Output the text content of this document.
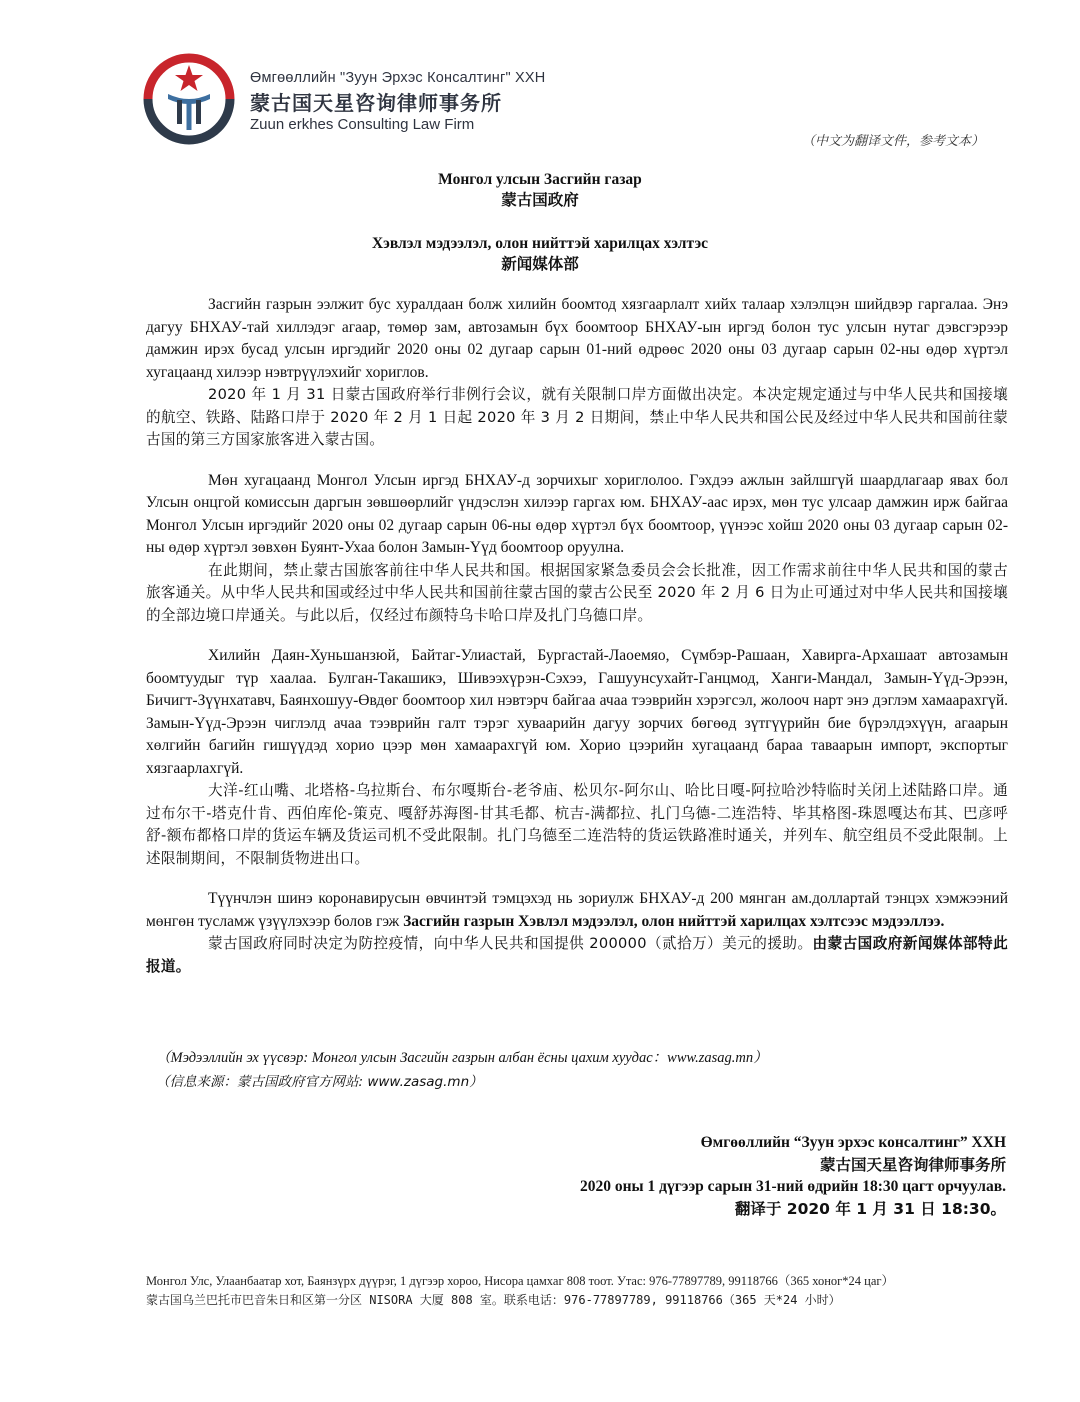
Өмгөөллийн "Зуун Эрхэс Консалтинг" ХХН
蒙古国天星咨询律师事务所
Zuun erkhes Consulting Law Firm
（中文为翻译文件，参考文本）
Монгол улсын Засгийн газар
蒙古国政府
Хэвлэл мэдээлэл, олон нийттэй харилцах хэлтэс
新闻媒体部

Засгийн газрын ээлжит бус хуралдаан болж хилийн боомтод хязгаарлалт хийх талаар хэлэлцэн шийдвэр гаргалаа. Энэ дагуу БНХАУ-тай хиллэдэг агаар, төмөр зам, автозамын бүх боомтоор БНХАУ-ын иргэд болон тус улсын нутаг дэвсгэрээр дамжин ирэх бусад улсын иргэдийг 2020 оны 02 дугаар сарын 01-ний өдрөөс 2020 оны 03 дугаар сарын 02-ны өдөр хүртэл хугацаанд хилээр нэвтрүүлэхийг хориглов.

2020 年 1 月 31 日蒙古国政府举行非例行会议，就有关限制口岸方面做出决定。本决定规定通过与中华人民共和国接壤的航空、铁路、陆路口岸于 2020 年 2 月 1 日起 2020 年 3 月 2 日期间，禁止中华人民共和国公民及经过中华人民共和国前往蒙古国的第三方国家旅客进入蒙古国。

Мөн хугацаанд Монгол Улсын иргэд БНХАУ-д зорчихыг хориглолоо. Гэхдээ ажлын зайлшгүй шаардлагаар явах бол Улсын онцгой комиссын даргын зөвшөөрлийг үндэслэн хилээр гаргах юм. БНХАУ-аас ирэх, мөн тус улсаар дамжин ирж байгаа Монгол Улсын иргэдийг 2020 оны 02 дугаар сарын 06-ны өдөр хүртэл бүх боомтоор, үүнээс хойш 2020 оны 03 дугаар сарын 02-ны өдөр хүртэл зөвхөн Буянт-Ухаа болон Замын-Үүд боомтоор оруулна.

在此期间，禁止蒙古国旅客前往中华人民共和国。根据国家紧急委员会会长批准，因工作需求前往中华人民共和国的蒙古旅客通关。从中华人民共和国或经过中华人民共和国前往蒙古国的蒙古公民至 2020 年 2 月 6 日为止可通过对中华人民共和国接壤的全部边境口岸通关。与此以后，仅经过布颜特乌卡哈口岸及扎门乌德口岸。

Хилийн Даян-Хуньшанзюй, Байтаг-Улиастай, Бургастай-Лаоемяо, Сүмбэр-Рашаан, Хавирга-Архашаат автозамын боомтуудыг түр хаалаа. Булган-Такашикэ, Шивээхүрэн-Сэхээ, Гашуунсухайт-Ганцмод, Ханги-Мандал, Замын-Үүд-Эрээн, Бичигт-Зүүнхатавч, Баянхошуу-Өвдөг боомтоор хил нэвтэрч байгаа ачаа тээврийн хэрэгсэл, жолооч нарт энэ дэглэм хамаарахгүй. Замын-Үүд-Эрээн чиглэлд ачаа тээврийн галт тэрэг хуваарийн дагуу зорчих бөгөөд зүтгүүрийн бие бүрэлдэхүүн, агаарын хөлгийн багийн гишүүдэд хорио цээр мөн хамаарахгүй юм. Хорио цээрийн хугацаанд бараа таваарын импорт, экспортыг хязгаарлахгүй.

大洋-红山嘴、北塔格-乌拉斯台、布尔嘎斯台-老爷庙、松贝尔-阿尔山、哈比日嘎-阿拉哈沙特临时关闭上述陆路口岸。通过布尔干-塔克什肯、西伯库伦-策克、嘎舒苏海图-甘其毛都、杭吉-满都拉、扎门乌德-二连浩特、毕其格图-珠恩嘎达布其、巴彦呼舒-额布都格口岸的货运车辆及货运司机不受此限制。扎门乌德至二连浩特的货运铁路准时通关，并列车、航空组员不受此限制。上述限制期间，不限制货物进出口。

Түүнчлэн шинэ коронавирусын өвчинтэй тэмцэхэд нь зориулж БНХАУ-д 200 мянган ам.доллартай тэнцэх хэмжээний мөнгөн тусламж үзүүлэхээр болов гэж Засгийн газрын Хэвлэл мэдээлэл, олон нийттэй харилцах хэлтсээс мэдээллээ.

蒙古国政府同时决定为防控疫情，向中华人民共和国提供 200000（贰拾万）美元的援助。由蒙古国政府新闻媒体部特此报道。

（Мэдээллийн эх үүсвэр: Монгол улсын Засгийн газрын албан ёсны цахим хуудас：www.zasag.mn）
（信息来源：蒙古国政府官方网站: www.zasag.mn）
Өмгөөллийн “Зуун эрхэс консалтинг” ХХН
蒙古国天星咨询律师事务所
2020 оны 1 дүгээр сарын 31-ний өдрийн 18:30 цагт орчуулав.
翻译于 2020 年 1 月 31 日 18:30。
Монгол Улс, Улаанбаатар хот, Баянзүрх дүүрэг, 1 дүгээр хороо, Нисора цамхаг 808 тоот. Утас: 976-77897789, 99118766（365 хоног*24 цаг）
蒙古国乌兰巴托市巴音朱日和区第一分区 NISORA 大厦 808 室。联系电话：976-77897789, 99118766（365 天*24 小时）
